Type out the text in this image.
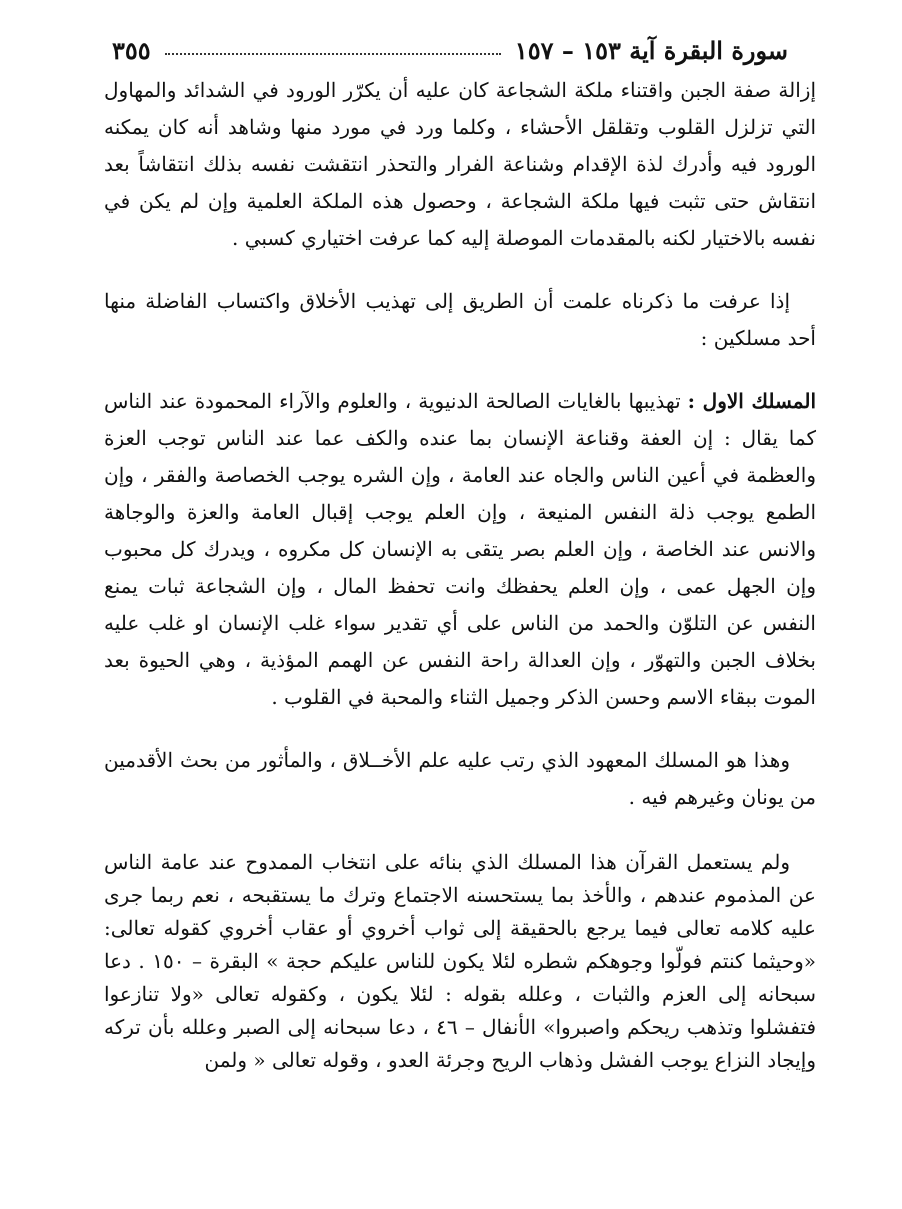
سورة البقرة آية ١٥٣ – ١٥٧
٣٥٥

إزالة صفة الجبن واقتناء ملكة الشجاعة كان عليه أن يكرّر الورود في الشدائد والمهاول التي تزلزل القلوب وتقلقل الأحشاء ، وكلما ورد في مورد منها وشاهد أنه كان يمكنه الورود فيه وأدرك لذة الإقدام وشناعة الفرار والتحذر انتقشت نفسه بذلك انتقاشاً بعد انتقاش حتى تثبت فيها ملكة الشجاعة ، وحصول هذه الملكة العلمية وإن لم يكن في نفسه بالاختيار لكنه بالمقدمات الموصلة إليه كما عرفت اختياري كسبي .

إذا عرفت ما ذكرناه علمت أن الطريق إلى تهذيب الأخلاق واكتساب الفاضلة منها أحد مسلكين :

المسلك الاول : تهذيبها بالغايات الصالحة الدنيوية ، والعلوم والآراء المحمودة عند الناس كما يقال : إن العفة وقناعة الإنسان بما عنده والكف عما عند الناس توجب العزة والعظمة في أعين الناس والجاه عند العامة ، وإن الشره يوجب الخصاصة والفقر ، وإن الطمع يوجب ذلة النفس المنيعة ، وإن العلم يوجب إقبال العامة والعزة والوجاهة والانس عند الخاصة ، وإن العلم بصر يتقى به الإنسان كل مكروه ، ويدرك كل محبوب وإن الجهل عمى ، وإن العلم يحفظك وانت تحفظ المال ، وإن الشجاعة ثبات يمنع النفس عن التلوّن والحمد من الناس على أي تقدير سواء غلب الإنسان او غلب عليه بخلاف الجبن والتهوّر ، وإن العدالة راحة النفس عن الهمم المؤذية ، وهي الحيوة بعد الموت ببقاء الاسم وحسن الذكر وجميل الثناء والمحبة في القلوب .

وهذا هو المسلك المعهود الذي رتب عليه علم الأخــلاق ، والمأثور من بحث الأقدمين من يونان وغيرهم فيه .

ولم يستعمل القرآن هذا المسلك الذي بنائه على انتخاب الممدوح عند عامة الناس عن المذموم عندهم ، والأخذ بما يستحسنه الاجتماع وترك ما يستقبحه ، نعم ربما جرى عليه كلامه تعالى فيما يرجع بالحقيقة إلى ثواب أخروي أو عقاب أخروي كقوله تعالى: «وحيثما كنتم فولّوا وجوهكم شطره لئلا يكون للناس عليكم حجة » البقرة – ١٥٠ . دعا سبحانه إلى العزم والثبات ، وعلله بقوله : لئلا يكون ، وكقوله تعالى «ولا تنازعوا فتفشلوا وتذهب ريحكم واصبروا» الأنفال – ٤٦ ، دعا سبحانه إلى الصبر وعلله بأن تركه وإيجاد النزاع يوجب الفشل وذهاب الريح وجرئة العدو ، وقوله تعالى « ولمن
